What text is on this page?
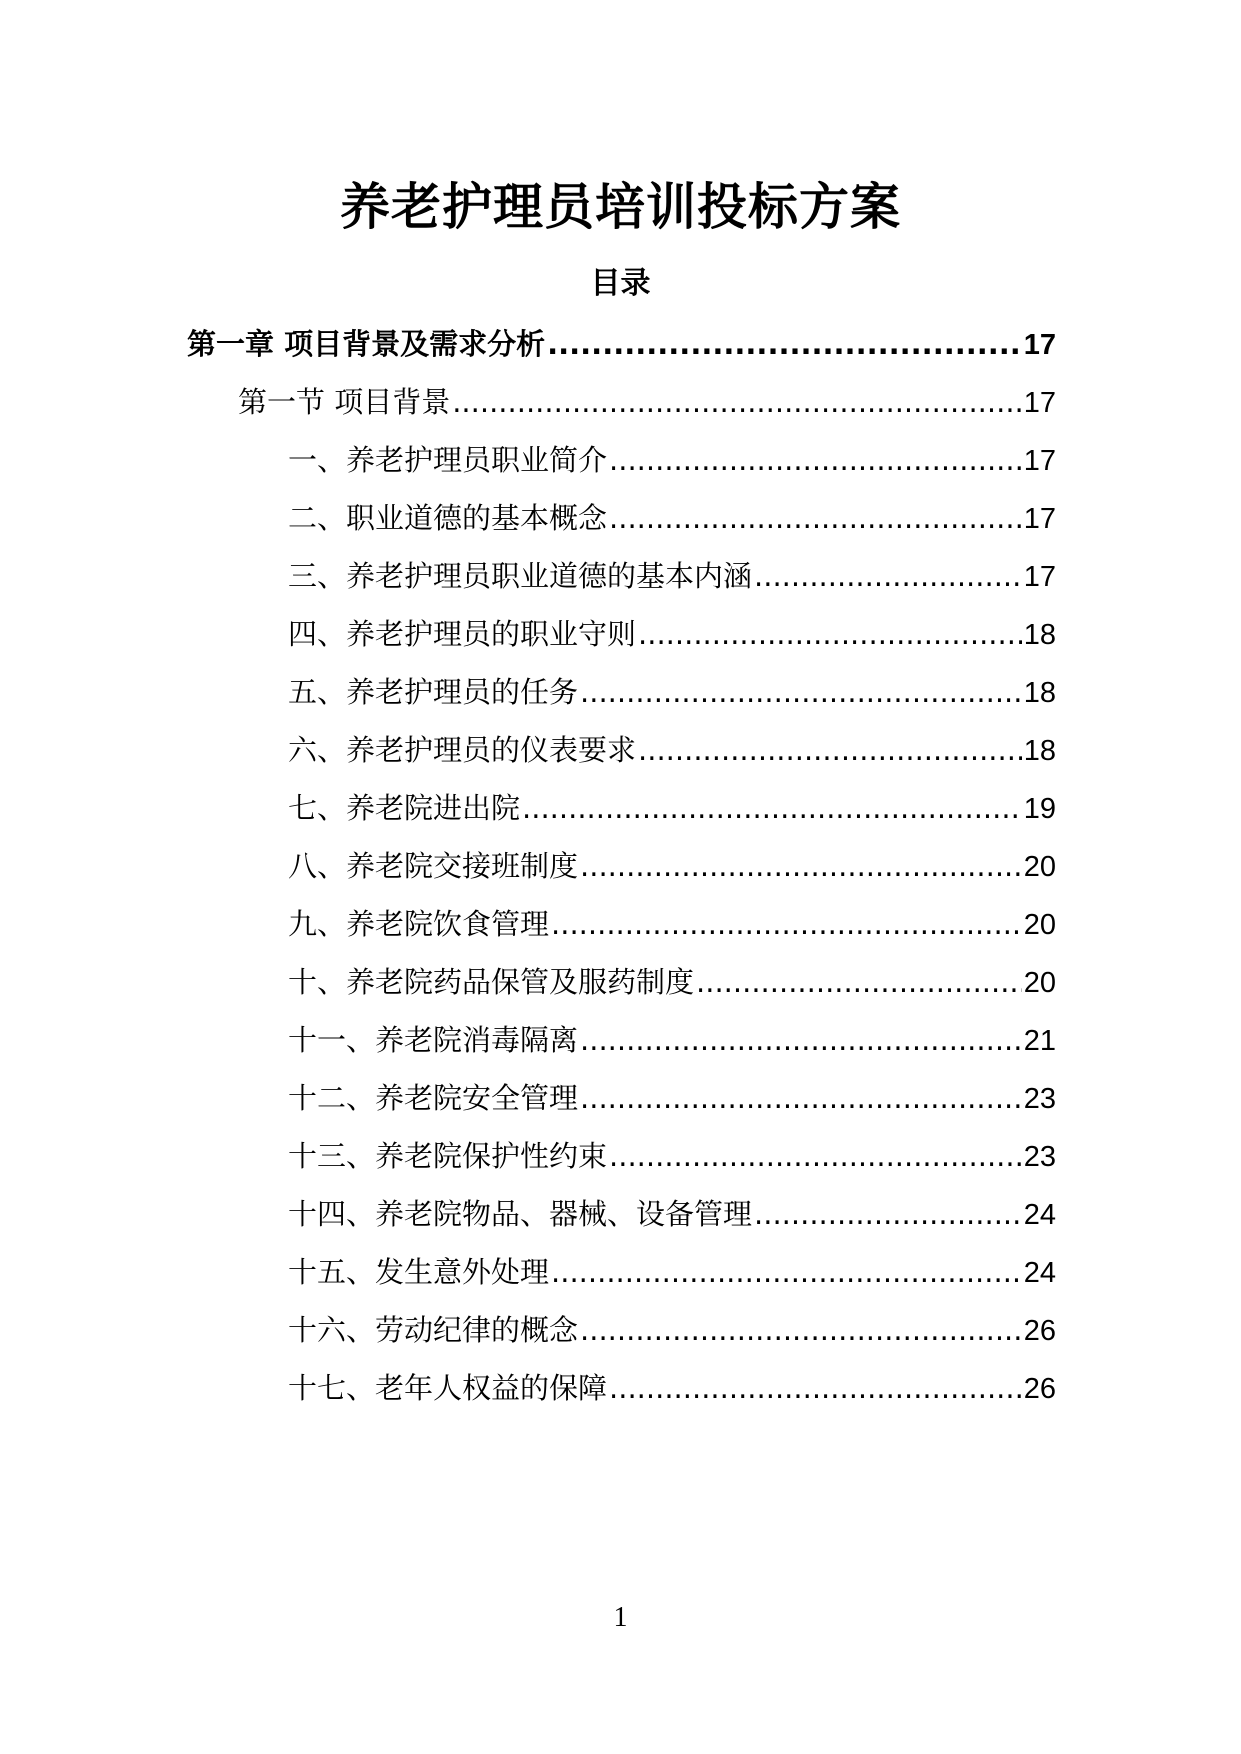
养老护理员培训投标方案
目录
第一章 项目背景及需求分析 .....	17
第一节 项目背景 .....	17
一、养老护理员职业简介 .....	17
二、职业道德的基本概念 .....	17
三、养老护理员职业道德的基本内涵 .....	17
四、养老护理员的职业守则 .....	18
五、养老护理员的任务 .....	18
六、养老护理员的仪表要求 .....	18
七、养老院进出院 .....	19
八、养老院交接班制度 .....	20
九、养老院饮食管理 .....	20
十、养老院药品保管及服药制度 .....	20
十一、养老院消毒隔离 .....	21
十二、养老院安全管理 .....	23
十三、养老院保护性约束 .....	23
十四、养老院物品、器械、设备管理 .....	24
十五、发生意外处理 .....	24
十六、劳动纪律的概念 .....	26
十七、老年人权益的保障 .....	26
1
